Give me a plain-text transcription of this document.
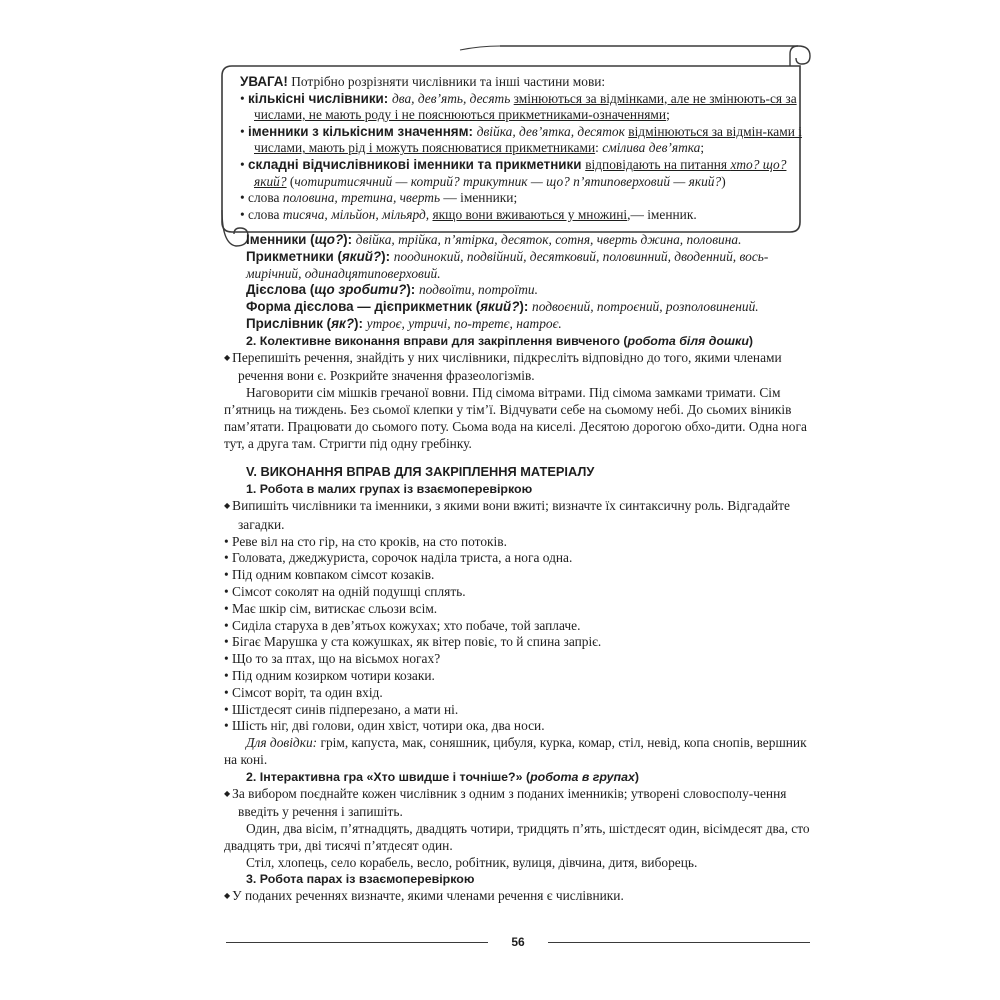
УВАГА! Потрібно розрізняти числівники та інші частини мови:

• кількісні числівники: два, дев’ять, десять змінюються за відмінками, але не змінюють-ся за числами, не мають роду і не пояснюються прикметниками-означеннями;

• іменники з кількісним значенням: двійка, дев’ятка, десяток відмінюються за відмін-ками і числами, мають рід і можуть пояснюватися прикметниками: смілива дев’ятка;

• складні відчислівникові іменники та прикметники відповідають на питання хто? що? який? (чотиритисячний — котрий? трикутник — що? п’ятиповерховий — який?)

• слова половина, третина, чверть — іменники;

• слова тисяча, мільйон, мільярд, якщо вони вживаються у множині,— іменник.

Іменники (що?): двійка, трійка, п’ятірка, десяток, сотня, чверть джина, половина.

Прикметники (який?): поодинокий, подвійний, десятковий, половинний, дводенний, вось-мирічний, одинадцятиповерховий.

Дієслова (що зробити?): подвоїти, потроїти.

Форма дієслова — дієприкметник (який?): подвоєний, потроєний, розполовинений.

Прислівник (як?): утроє, утричі, по-третє, натроє.

2. Колективне виконання вправи для закріплення вивченого (робота біля дошки)

◆ Перепишіть речення, знайдіть у них числівники, підкресліть відповідно до того, якими членами речення вони є. Розкрийте значення фразеологізмів.

Наговорити сім мішків гречаної вовни. Під сімома вітрами. Під сімома замками тримати. Сім п’ятниць на тиждень. Без сьомої клепки у тім’ї. Відчувати себе на сьомому небі. До сьомих віників пам’ятати. Працювати до сьомого поту. Сьома вода на киселі. Десятою дорогою обхо-дити. Одна нога тут, а друга там. Стригти під одну гребінку.

V. ВИКОНАННЯ ВПРАВ ДЛЯ ЗАКРІПЛЕННЯ МАТЕРІАЛУ

1. Робота в малих групах із взаємоперевіркою

◆ Випишіть числівники та іменники, з якими вони вжиті; визначте їх синтаксичну роль. Відгадайте загадки.

• Реве віл на сто гір, на сто кроків, на сто потоків.

• Головата, джеджуриста, сорочок наділа триста, а нога одна.

• Під одним ковпаком сімсот козаків.

• Сімсот соколят на одній подушці сплять.

• Має шкір сім, витискає сльози всім.

• Сиділа старуха в дев’ятьох кожухах; хто побаче, той заплаче.

• Бігає Марушка у ста кожушках, як вітер повіє, то й спина запріє.

• Що то за птах, що на вісьмох ногах?

• Під одним козирком чотири козаки.

• Сімсот воріт, та один вхід.

• Шістдесят синів підперезано, а мати ні.

• Шість ніг, дві голови, один хвіст, чотири ока, два носи.

Для довідки: грім, капуста, мак, соняшник, цибуля, курка, комар, стіл, невід, копа снопів, вершник на коні.

2. Інтерактивна гра «Хто швидше і точніше?» (робота в групах)

◆ За вибором поєднайте кожен числівник з одним з поданих іменників; утворені словосполу-чення введіть у речення і запишіть.

Один, два вісім, п’ятнадцять, двадцять чотири, тридцять п’ять, шістдесят один, вісімдесят два, сто двадцять три, дві тисячі п’ятдесят один.

Стіл, хлопець, село корабель, весло, робітник, вулиця, дівчина, дитя, виборець.

3. Робота парах із взаємоперевіркою

◆ У поданих реченнях визначте, якими членами речення є числівники.

56
